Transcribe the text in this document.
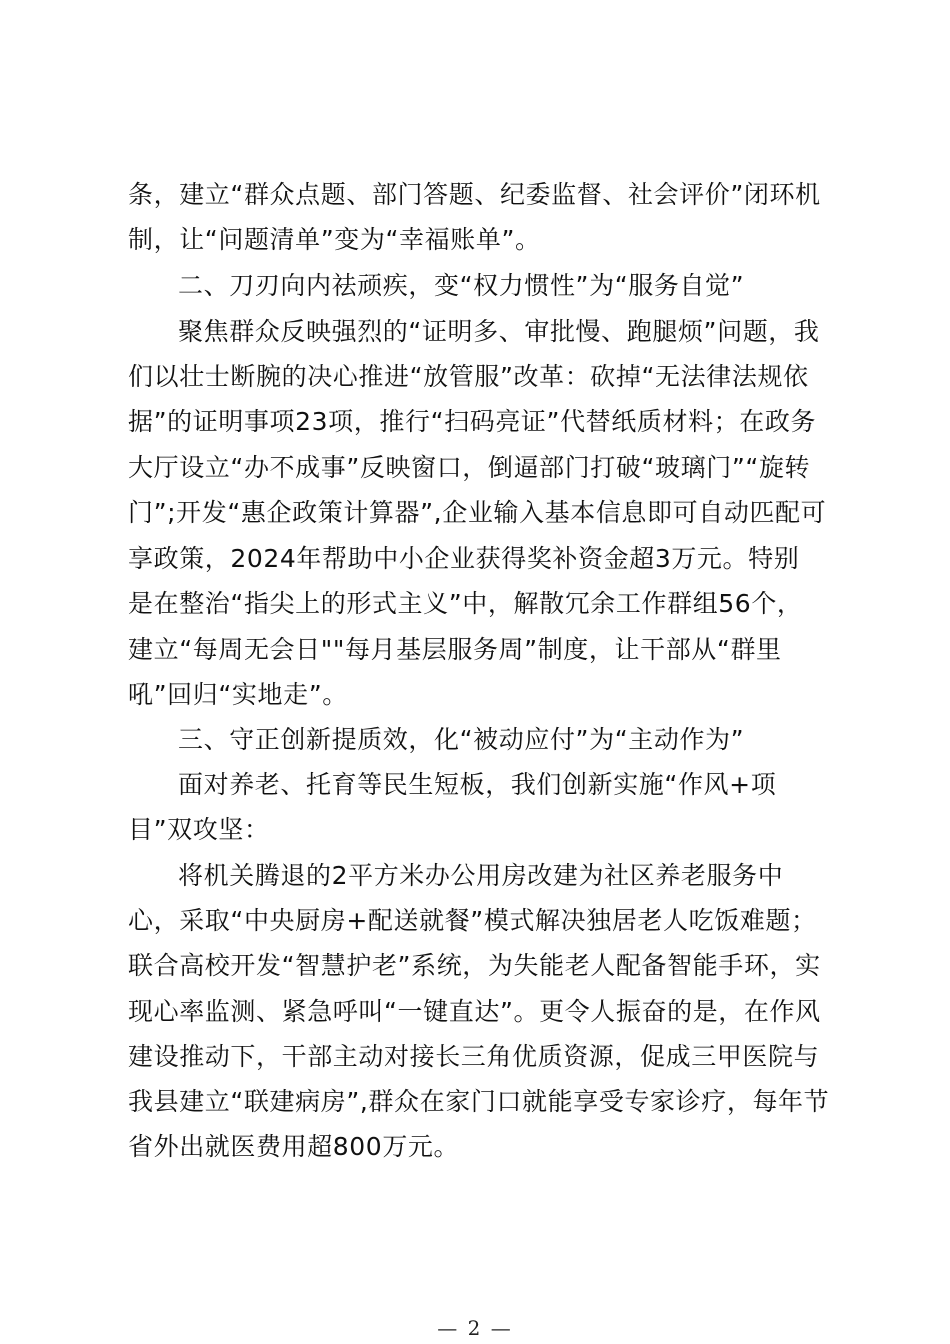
条，建立“群众点题、部门答题、纪委监督、社会评价”闭环机
制，让“问题清单”变为“幸福账单”。
二、刀刃向内祛顽疾，变“权力惯性”为“服务自觉”
聚焦群众反映强烈的“证明多、审批慢、跑腿烦”问题，我
们以壮士断腕的决心推进“放管服”改革：砍掉“无法律法规依
据”的证明事项23项，推行“扫码亮证”代替纸质材料；在政务
大厅设立“办不成事”反映窗口，倒逼部门打破“玻璃门”“旋转
门”;开发“惠企政策计算器”,企业输入基本信息即可自动匹配可
享政策，2024年帮助中小企业获得奖补资金超3万元。特别
是在整治“指尖上的形式主义”中，解散冗余工作群组56个，
建立“每周无会日""每月基层服务周”制度，让干部从“群里
吼”回归“实地走”。
三、守正创新提质效，化“被动应付”为“主动作为”
面对养老、托育等民生短板，我们创新实施“作风+项
目”双攻坚：
将机关腾退的2平方米办公用房改建为社区养老服务中
心，采取“中央厨房+配送就餐”模式解决独居老人吃饭难题；
联合高校开发“智慧护老”系统，为失能老人配备智能手环，实
现心率监测、紧急呼叫“一键直达”。更令人振奋的是，在作风
建设推动下，干部主动对接长三角优质资源，促成三甲医院与
我县建立“联建病房”,群众在家门口就能享受专家诊疗，每年节
省外出就医费用超800万元。
— 2 —
